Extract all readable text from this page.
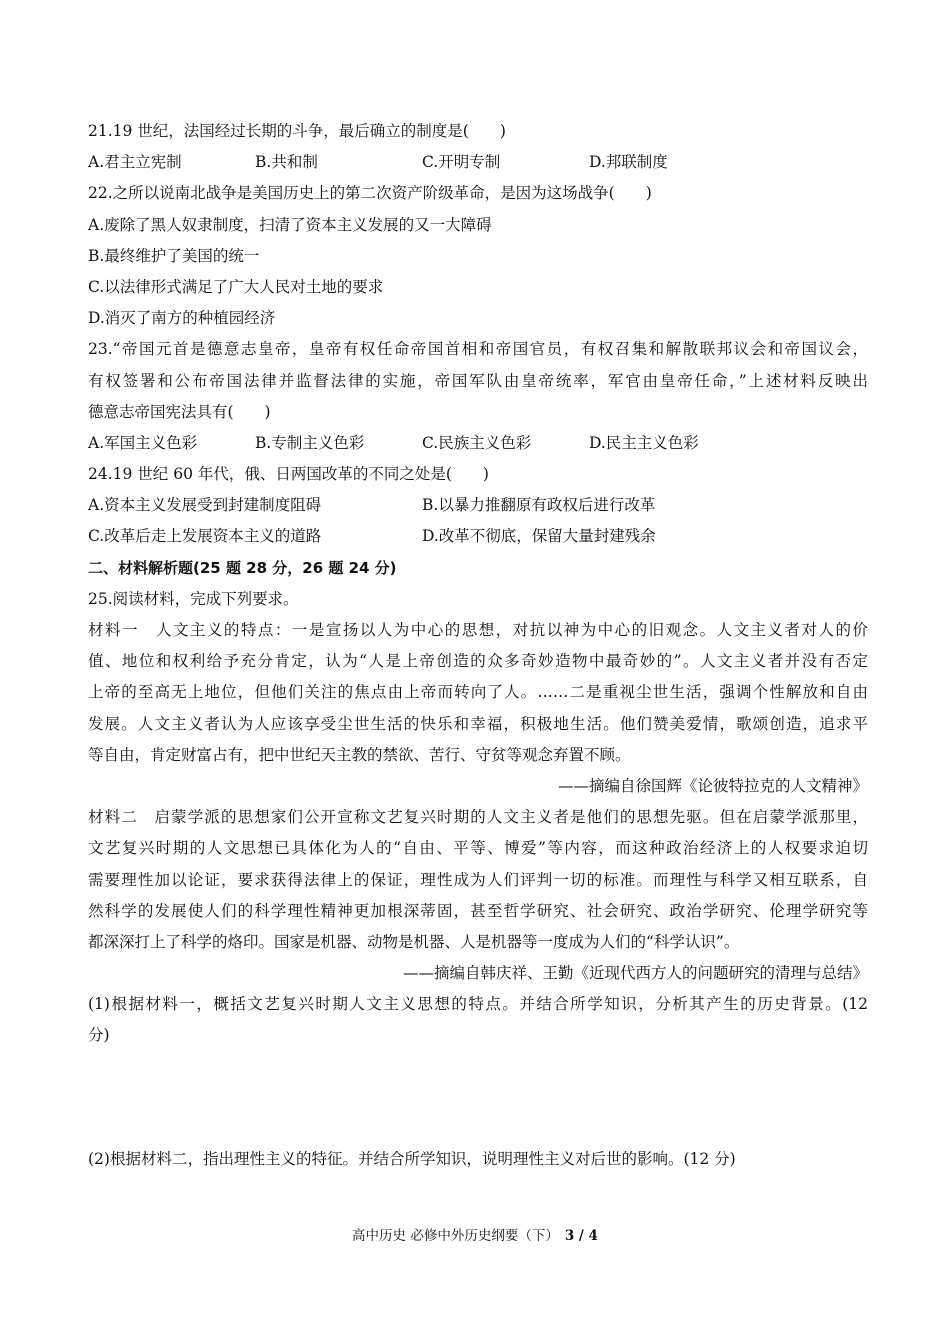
21.19 世纪，法国经过长期的斗争，最后确立的制度是(　　)
A.君主立宪制	B.共和制	C.开明专制	D.邦联制度
22.之所以说南北战争是美国历史上的第二次资产阶级革命，是因为这场战争(　　)
A.废除了黑人奴隶制度，扫清了资本主义发展的又一大障碍
B.最终维护了美国的统一
C.以法律形式满足了广大人民对土地的要求
D.消灭了南方的种植园经济
23.“帝国元首是德意志皇帝，皇帝有权任命帝国首相和帝国官员，有权召集和解散联邦议会和帝国议会，
有权签署和公布帝国法律并监督法律的实施，帝国军队由皇帝统率，军官由皇帝任命，”上述材料反映出
德意志帝国宪法具有(　　)
A.军国主义色彩	B.专制主义色彩	C.民族主义色彩	D.民主主义色彩
24.19 世纪 60 年代，俄、日两国改革的不同之处是(　　)
A.资本主义发展受到封建制度阻碍	B.以暴力推翻原有政权后进行改革
C.改革后走上发展资本主义的道路	D.改革不彻底，保留大量封建残余
二、材料解析题(25 题 28 分，26 题 24 分)
25.阅读材料，完成下列要求。
材料一　人文主义的特点：一是宣扬以人为中心的思想，对抗以神为中心的旧观念。人文主义者对人的价
值、地位和权利给予充分肯定，认为“人是上帝创造的众多奇妙造物中最奇妙的”。人文主义者并没有否定
上帝的至高无上地位，但他们关注的焦点由上帝而转向了人。……二是重视尘世生活，强调个性解放和自由
发展。人文主义者认为人应该享受尘世生活的快乐和幸福，积极地生活。他们赞美爱情，歌颂创造，追求平
等自由，肯定财富占有，把中世纪天主教的禁欲、苦行、守贫等观念弃置不顾。
——摘编自徐国辉《论彼特拉克的人文精神》
材料二　启蒙学派的思想家们公开宣称文艺复兴时期的人文主义者是他们的思想先驱。但在启蒙学派那里，
文艺复兴时期的人文思想已具体化为人的“自由、平等、博爱”等内容，而这种政治经济上的人权要求迫切
需要理性加以论证，要求获得法律上的保证，理性成为人们评判一切的标准。而理性与科学又相互联系，自
然科学的发展使人们的科学理性精神更加根深蒂固，甚至哲学研究、社会研究、政治学研究、伦理学研究等
都深深打上了科学的烙印。国家是机器、动物是机器、人是机器等一度成为人们的“科学认识”。
——摘编自韩庆祥、王勤《近现代西方人的问题研究的清理与总结》
(1)根据材料一，概括文艺复兴时期人文主义思想的特点。并结合所学知识，分析其产生的历史背景。(12
分)
(2)根据材料二，指出理性主义的特征。并结合所学知识，说明理性主义对后世的影响。(12 分)
高中历史 必修中外历史纲要（下） 3 / 4
